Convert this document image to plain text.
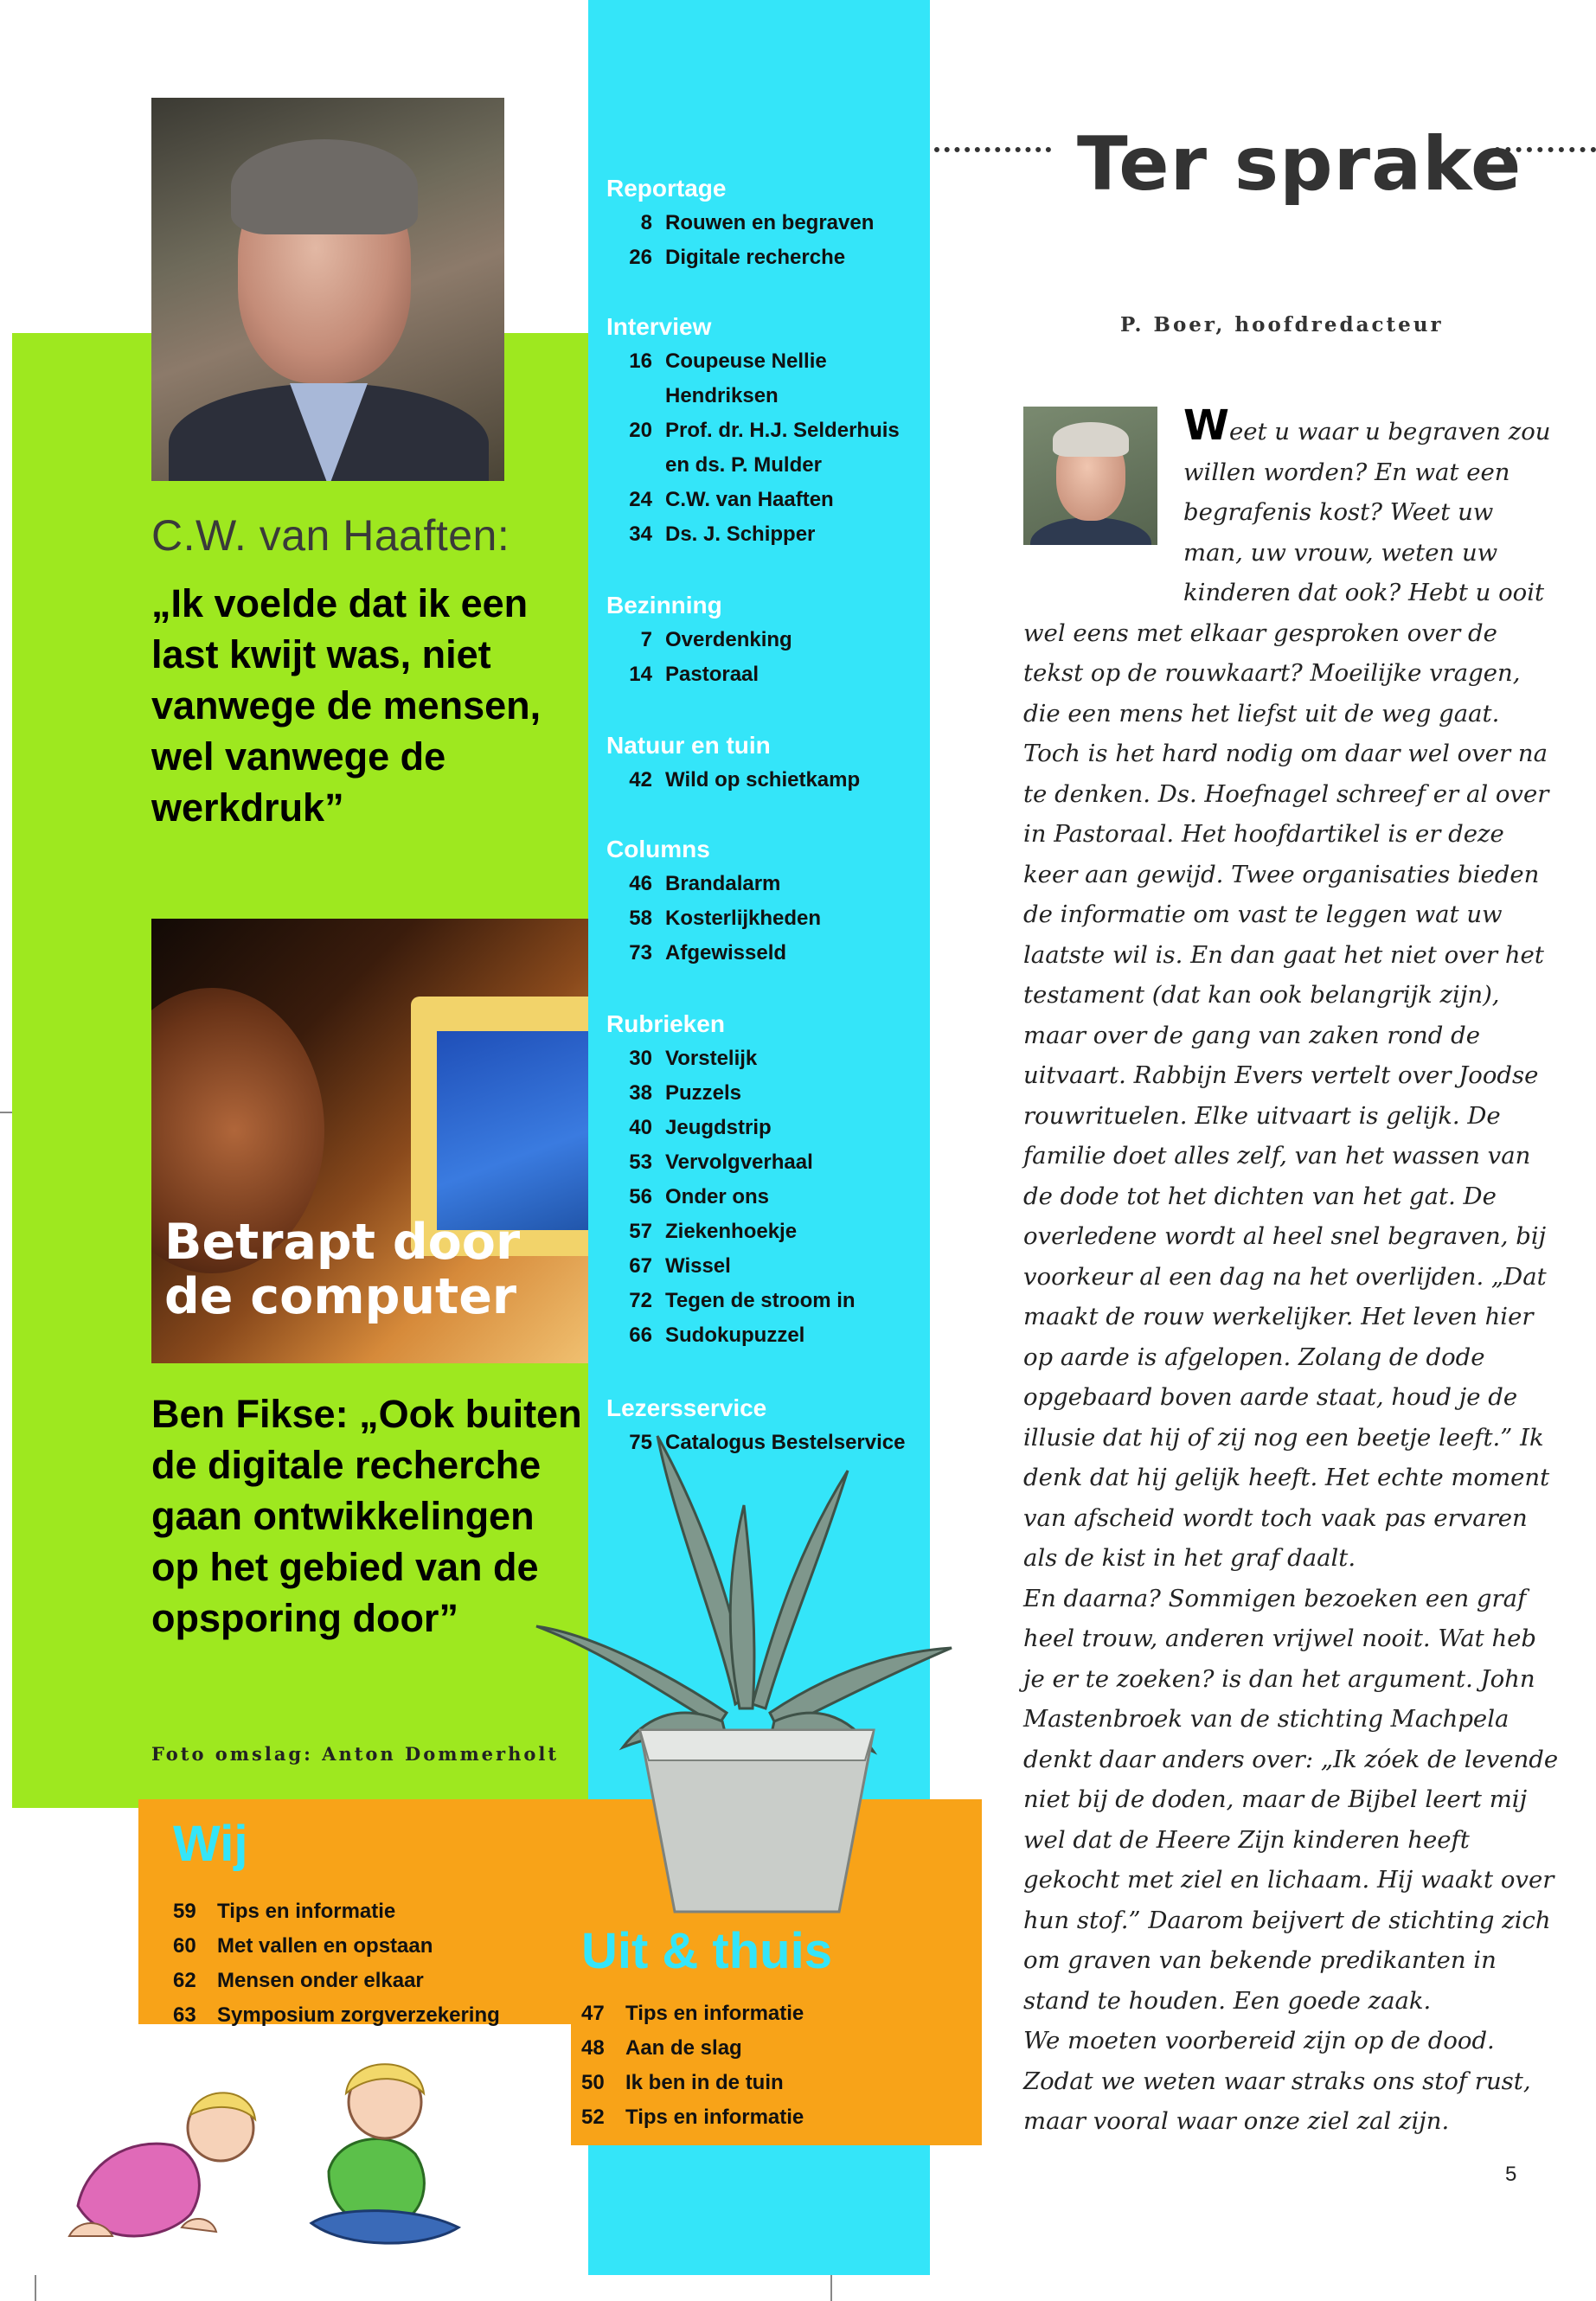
C.W. van Haaften:
„Ik voelde dat ik een last kwijt was, niet vanwege de mensen, wel vanwege de werkdruk”
Betrapt door
de computer
Ben Fikse: „Ook buiten de digitale recherche gaan ontwikkelingen op het gebied van de opsporing door”
Foto omslag: Anton Dommerholt
Reportage
8 Rouwen en begraven
26 Digitale recherche
Interview
16 Coupeuse Nellie
Hendriksen
20 Prof. dr. H.J. Selderhuis
en ds. P. Mulder
24 C.W. van Haaften
34 Ds. J. Schipper
Bezinning
7 Overdenking
14 Pastoraal
Natuur en tuin
42 Wild op schietkamp
Columns
46 Brandalarm
58 Kosterlijkheden
73 Afgewisseld
Rubrieken
30 Vorstelijk
38 Puzzels
40 Jeugdstrip
53 Vervolgverhaal
56 Onder ons
57 Ziekenhoekje
67 Wissel
72 Tegen de stroom in
66 Sudokupuzzel
Lezersservice
75 Catalogus Bestelservice
Wij
59	Tips en informatie
60	Met vallen en opstaan
62	Mensen onder elkaar
63	Symposium zorgverzekering
Uit & thuis
47	Tips en informatie
48	Aan de slag
50	Ik ben in de tuin
52	Tips en informatie
Ter sprake
P. Boer, hoofdredacteur

Weet u waar u begraven zou willen worden? En wat een begrafenis kost? Weet uw man, uw vrouw, weten uw kinderen dat ook? Hebt u ooit wel eens met elkaar gesproken over de tekst op de rouwkaart? Moeilijke vragen, die een mens het liefst uit de weg gaat. Toch is het hard nodig om daar wel over na te denken. Ds. Hoefnagel schreef er al over in Pastoraal. Het hoofdartikel is er deze keer aan gewijd. Twee organisaties bieden de informatie om vast te leggen wat uw laatste wil is. En dan gaat het niet over het testament (dat kan ook belangrijk zijn), maar over de gang van zaken rond de uitvaart. Rabbijn Evers vertelt over Joodse rouwrituelen. Elke uitvaart is gelijk. De familie doet alles zelf, van het wassen van de dode tot het dichten van het gat. De overledene wordt al heel snel begraven, bij voorkeur al een dag na het overlijden. „Dat maakt de rouw werkelijker. Het leven hier op aarde is afgelopen. Zolang de dode opgebaard boven aarde staat, houd je de illusie dat hij of zij nog een beetje leeft.” Ik denk dat hij gelijk heeft. Het echte moment van afscheid wordt toch vaak pas ervaren als de kist in het graf daalt.

En daarna? Sommigen bezoeken een graf heel trouw, anderen vrijwel nooit. Wat heb je er te zoeken? is dan het argument. John Mastenbroek van de stichting Machpela denkt daar anders over: „Ik zóek de levende niet bij de doden, maar de Bijbel leert mij wel dat de Heere Zijn kinderen heeft gekocht met ziel en lichaam. Hij waakt over hun stof.” Daarom beijvert de stichting zich om graven van bekende predikanten in stand te houden. Een goede zaak.

We moeten voorbereid zijn op de dood. Zodat we weten waar straks ons stof rust, maar vooral waar onze ziel zal zijn.

5
